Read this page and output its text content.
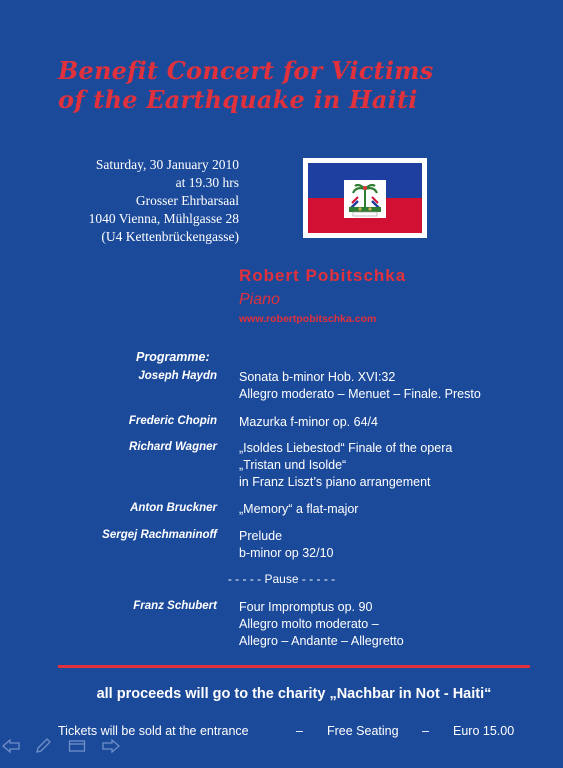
Benefit Concert for Victims
of the Earthquake in Haiti
Saturday, 30 January 2010
at 19.30 hrs
Grosser Ehrbarsaal
1040 Vienna, Mühlgasse 28
(U4 Kettenbrückengasse)
Robert Pobitschka
Piano
www.robertpobitschka.com
Programme:
Joseph Haydn Sonata b-minor Hob. XVI:32
Allegro moderato – Menuet – Finale. Presto
Frederic Chopin Mazurka f-minor op. 64/4
Richard Wagner „Isoldes Liebestod“ Finale of the opera
„Tristan und Isolde“
in Franz Liszt’s piano arrangement
Anton Bruckner „Memory“ a flat-major
Sergej Rachmaninoff Prelude
b-minor op 32/10
- - - - - Pause - - - - -
Franz Schubert Four Impromptus op. 90
Allegro molto moderato –
Allegro – Andante – Allegretto
all proceeds will go to the charity „Nachbar in Not - Haiti“
Tickets will be sold at the entrance	– Free Seating – Euro 15.00
